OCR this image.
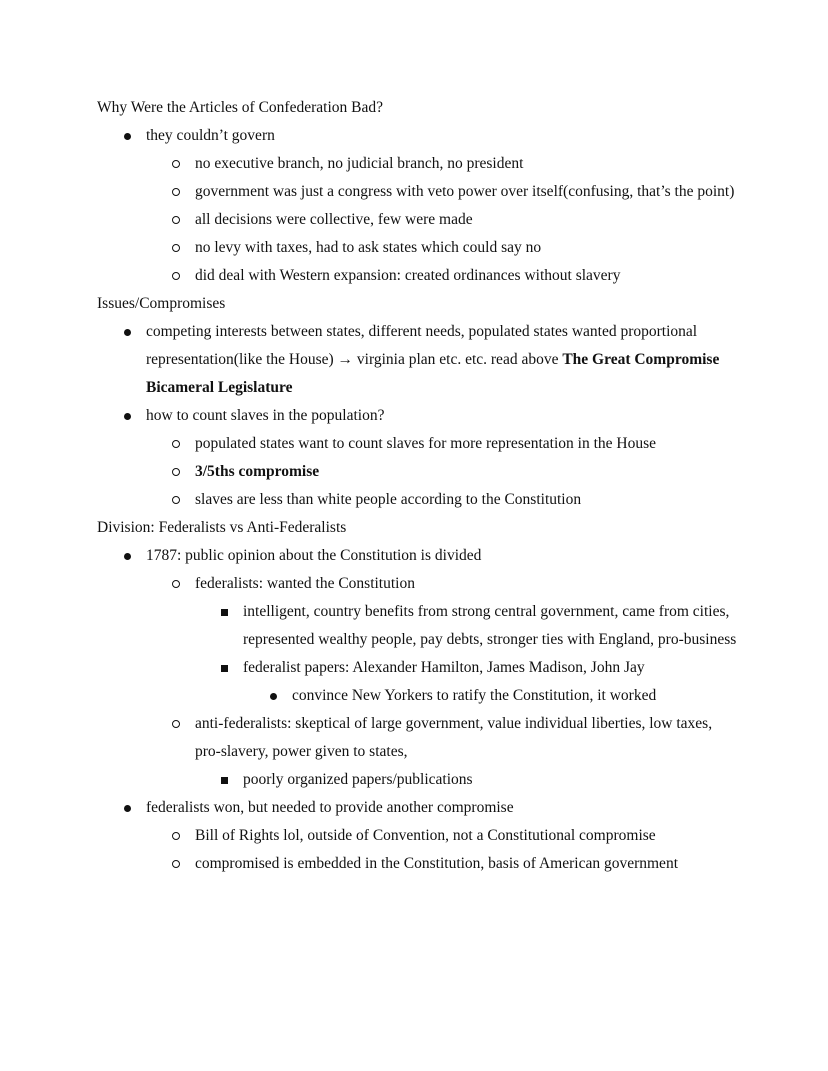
Why Were the Articles of Confederation Bad?
they couldn’t govern
no executive branch, no judicial branch, no president
government was just a congress with veto power over itself(confusing, that’s the point)
all decisions were collective, few were made
no levy with taxes, had to ask states which could say no
did deal with Western expansion: created ordinances without slavery
Issues/Compromises
competing interests between states, different needs, populated states wanted proportional representation(like the House) → virginia plan etc. etc. read above The Great Compromise Bicameral Legislature
how to count slaves in the population?
populated states want to count slaves for more representation in the House
3/5ths compromise
slaves are less than white people according to the Constitution
Division: Federalists vs Anti-Federalists
1787: public opinion about the Constitution is divided
federalists: wanted the Constitution
intelligent, country benefits from strong central government, came from cities, represented wealthy people, pay debts, stronger ties with England, pro-business
federalist papers: Alexander Hamilton, James Madison, John Jay
convince New Yorkers to ratify the Constitution, it worked
anti-federalists: skeptical of large government, value individual liberties, low taxes, pro-slavery, power given to states,
poorly organized papers/publications
federalists won, but needed to provide another compromise
Bill of Rights lol, outside of Convention, not a Constitutional compromise
compromised is embedded in the Constitution, basis of American government
